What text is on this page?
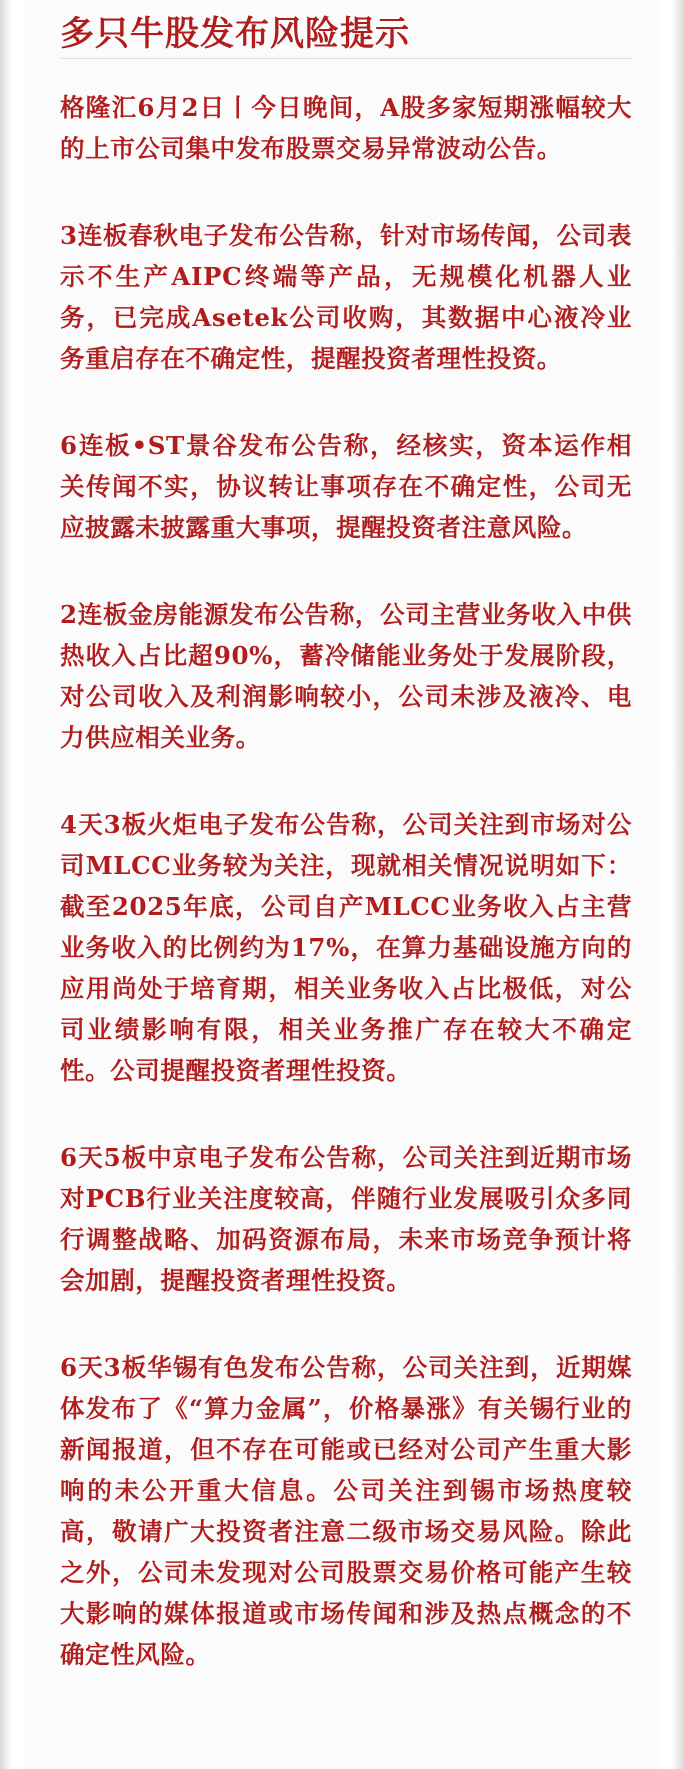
多只牛股发布风险提示

格隆汇6月2日丨今日晚间，A股多家短期涨幅较大的上市公司集中发布股票交易异常波动公告。

3连板春秋电子发布公告称，针对市场传闻，公司表示不生产AIPC终端等产品，无规模化机器人业务，已完成Asetek公司收购，其数据中心液冷业务重启存在不确定性，提醒投资者理性投资。

6连板•ST景谷发布公告称，经核实，资本运作相关传闻不实，协议转让事项存在不确定性，公司无应披露未披露重大事项，提醒投资者注意风险。

2连板金房能源发布公告称，公司主营业务收入中供热收入占比超90%，蓄冷储能业务处于发展阶段，对公司收入及利润影响较小，公司未涉及液冷、电力供应相关业务。

4天3板火炬电子发布公告称，公司关注到市场对公司MLCC业务较为关注，现就相关情况说明如下：截至2025年底，公司自产MLCC业务收入占主营业务收入的比例约为17%，在算力基础设施方向的应用尚处于培育期，相关业务收入占比极低，对公司业绩影响有限，相关业务推广存在较大不确定性。公司提醒投资者理性投资。

6天5板中京电子发布公告称，公司关注到近期市场对PCB行业关注度较高，伴随行业发展吸引众多同行调整战略、加码资源布局，未来市场竞争预计将会加剧，提醒投资者理性投资。

6天3板华锡有色发布公告称，公司关注到，近期媒体发布了《“算力金属”，价格暴涨》有关锡行业的新闻报道，但不存在可能或已经对公司产生重大影响的未公开重大信息。公司关注到锡市场热度较高，敬请广大投资者注意二级市场交易风险。除此之外，公司未发现对公司股票交易价格可能产生较大影响的媒体报道或市场传闻和涉及热点概念的不确定性风险。
